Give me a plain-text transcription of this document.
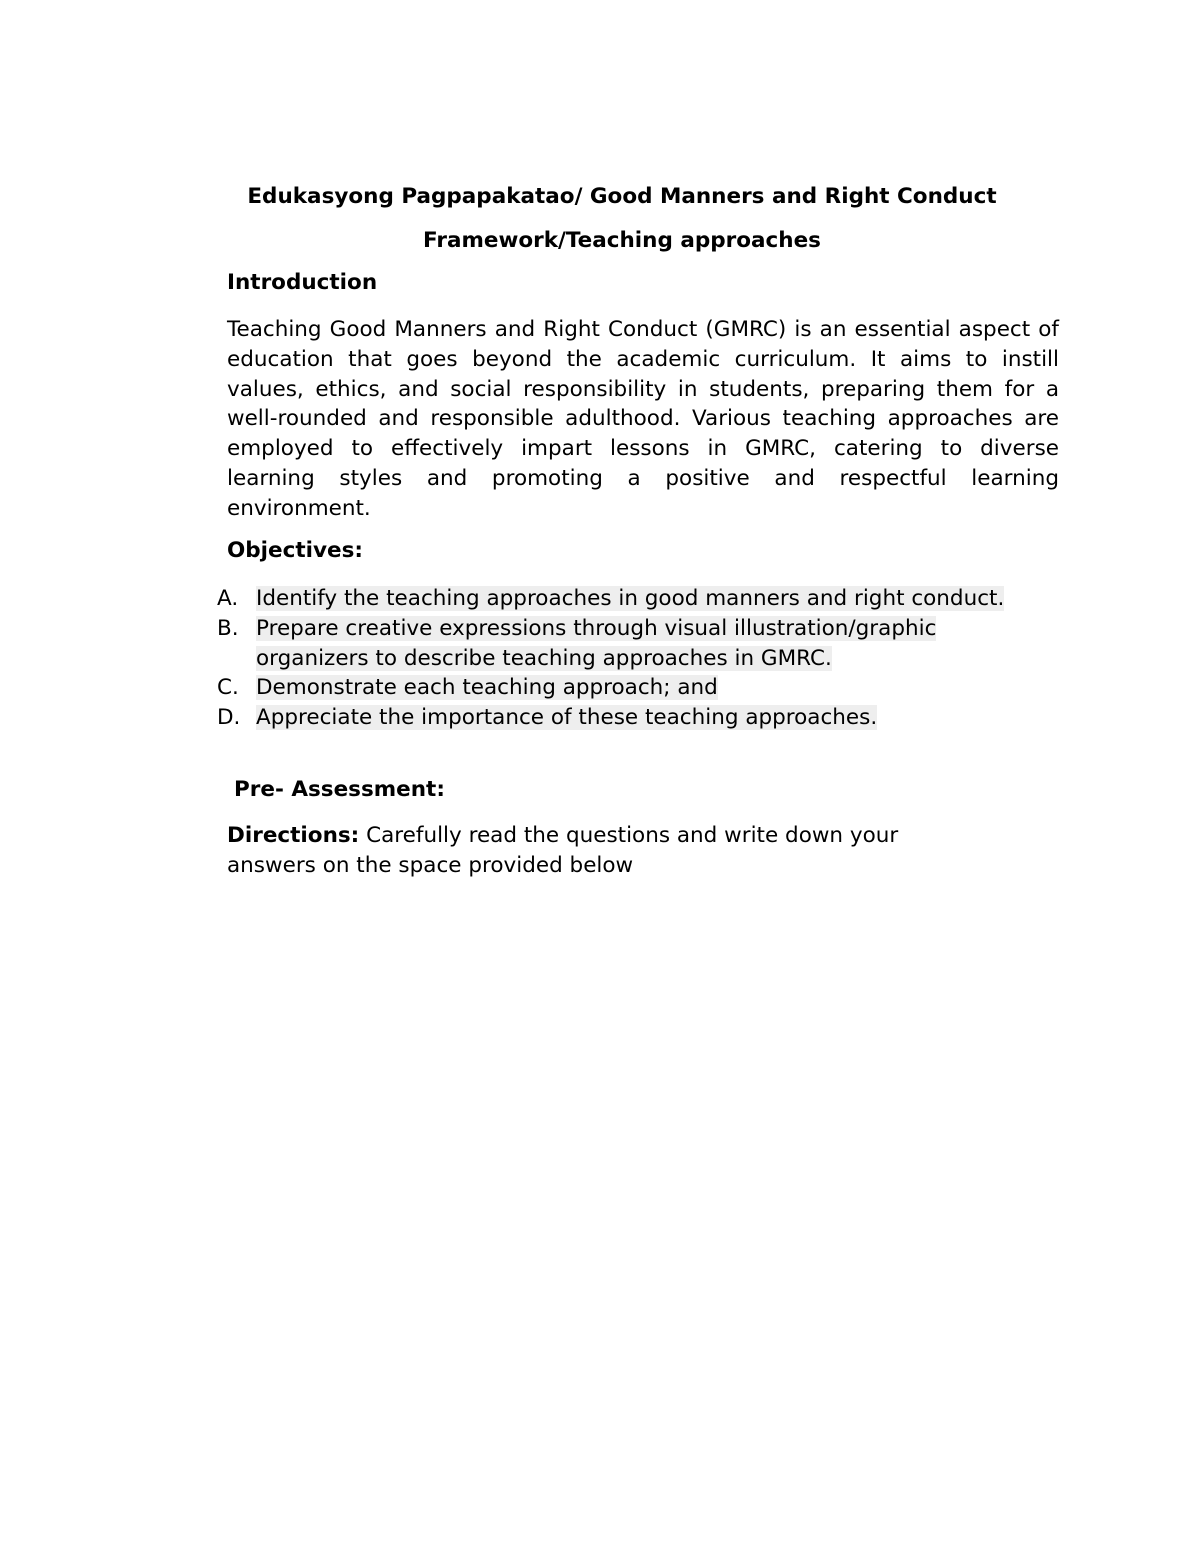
Edukasyong Pagpapakatao/ Good Manners and Right Conduct
Framework/Teaching approaches
Introduction
Teaching Good Manners and Right Conduct (GMRC) is an essential aspect of education that goes beyond the academic curriculum. It aims to instill values, ethics, and social responsibility in students, preparing them for a well-rounded and responsible adulthood. Various teaching approaches are employed to effectively impart lessons in GMRC, catering to diverse learning styles and promoting a positive and respectful learning environment.
Objectives:
A. Identify the teaching approaches in good manners and right conduct.
B. Prepare creative expressions through visual illustration/graphic organizers to describe teaching approaches in GMRC.
C. Demonstrate each teaching approach; and
D. Appreciate the importance of these teaching approaches.
Pre- Assessment:
Directions: Carefully read the questions and write down your answers on the space provided below
